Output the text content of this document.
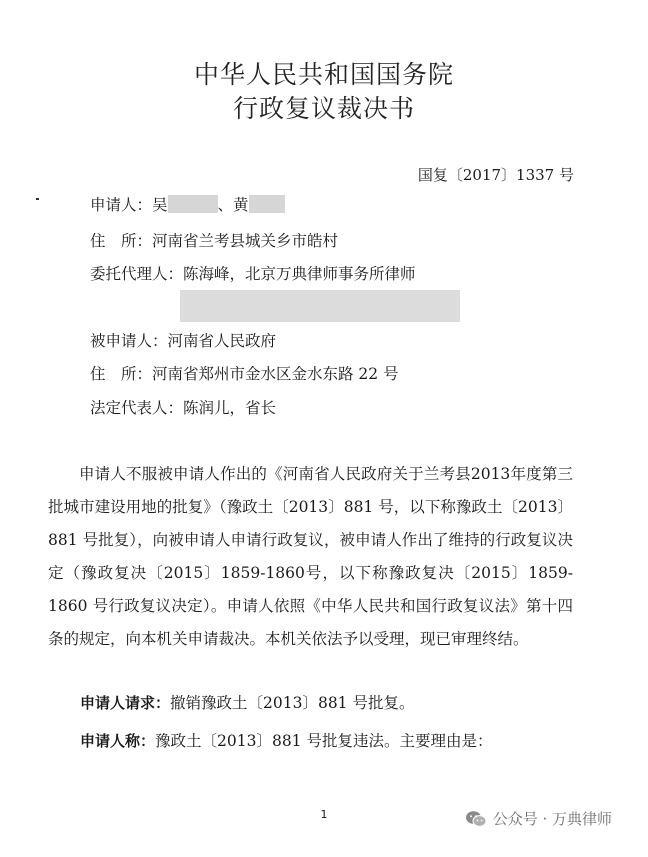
中华人民共和国国务院
行政复议裁决书
国复〔2017〕1337 号
申请人：吴	、黄
住　所：河南省兰考县城关乡市皓村
委托代理人：陈海峰，北京万典律师事务所律师
被申请人：河南省人民政府
住　所：河南省郑州市金水区金水东路 22 号
法定代表人：陈润儿，省长

申请人不服被申请人作出的《河南省人民政府关于兰考县2013年度第三批城市建设用地的批复》（豫政土〔2013〕881 号，以下称豫政土〔2013〕881 号批复），向被申请人申请行政复议，被申请人作出了维持的行政复议决定（豫政复决〔2015〕1859-1860号，以下称豫政复决〔2015〕1859-1860 号行政复议决定）。申请人依照《中华人民共和国行政复议法》第十四条的规定，向本机关申请裁决。本机关依法予以受理，现已审理终结。

申请人请求：撤销豫政土〔2013〕881 号批复。
申请人称：豫政土〔2013〕881 号批复违法。主要理由是：
1	公众号 · 万典律师
